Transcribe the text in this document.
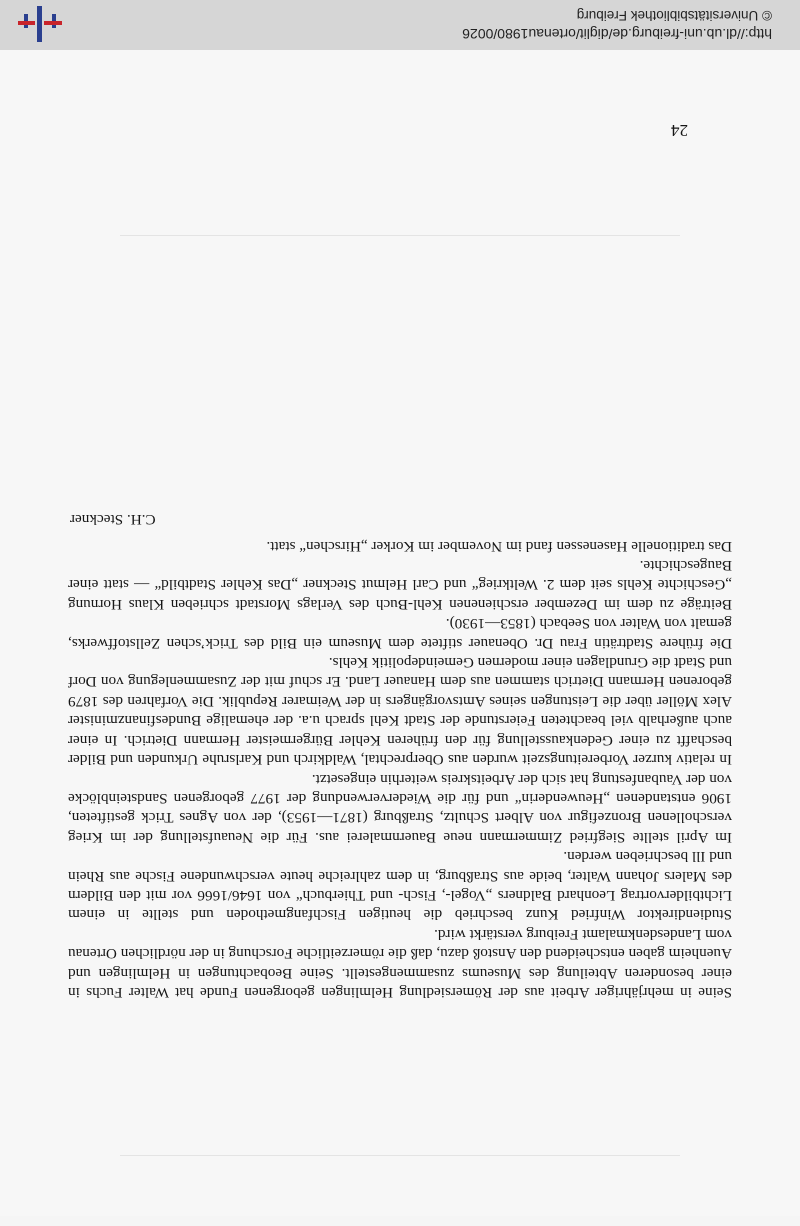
Seine in mehrjähriger Arbeit aus der Römersiedlung Helmlingen geborgenen Funde hat Walter Fuchs in einer besonderen Abteilung des Museums zusammengestellt. Seine Beobachtungen in Helmlingen und Auenheim gaben entscheidend den Anstoß dazu, daß die römerzeitliche Forschung in der nördlichen Ortenau vom Landesdenkmalamt Freiburg verstärkt wird.

Studiendirektor Winfried Kunz beschrieb die heutigen Fischfangmethoden und stellte in einem Lichtbildervortrag Leonhard Baldners „Vogel-, Fisch- und Thierbuch“ von 1646/1666 vor mit den Bildern des Malers Johann Walter, beide aus Straßburg, in dem zahlreiche heute verschwundene Fische aus Rhein und Ill beschrieben werden.

Im April stellte Siegfried Zimmermann neue Bauernmalerei aus. Für die Neuaufstellung der im Krieg verschollenen Bronzefigur von Albert Schultz, Straßburg (1871—1953), der von Agnes Trick gestifteten, 1906 entstandenen „Heuwenderin“ und für die Wiederverwendung der 1977 geborgenen Sandsteinblöcke von der Vaubanfestung hat sich der Arbeitskreis weiterhin eingesetzt.

In relativ kurzer Vorbereitungszeit wurden aus Oberprechtal, Waldkirch und Karlsruhe Urkunden und Bilder beschafft zu einer Gedenkausstellung für den früheren Kehler Bürgermeister Hermann Dietrich. In einer auch außerhalb viel beachteten Feierstunde der Stadt Kehl sprach u.a. der ehemalige Bundesfinanzminister Alex Möller über die Leistungen seines Amtsvorgängers in der Weimarer Republik. Die Vorfahren des 1879 geborenen Hermann Dietrich stammen aus dem Hanauer Land. Er schuf mit der Zusammenlegung von Dorf und Stadt die Grundlagen einer modernen Gemeindepolitik Kehls.

Die frühere Stadträtin Frau Dr. Obenauer stiftete dem Museum ein Bild des Trick’schen Zellstoffwerks, gemalt von Walter von Seebach (1853—1930).

Beiträge zu dem im Dezember erschienenen Kehl-Buch des Verlags Morstadt schrieben Klaus Hornung „Geschichte Kehls seit dem 2. Weltkrieg“ und Carl Helmut Steckner „Das Kehler Stadtbild“ — statt einer Baugeschichte.

Das traditionelle Hasenessen fand im November im Korker „Hirschen“ statt.

C.H. Steckner

24
http://dl.ub.uni-freiburg.de/diglit/ortenau1980/0026
© Universitätsbibliothek Freiburg
